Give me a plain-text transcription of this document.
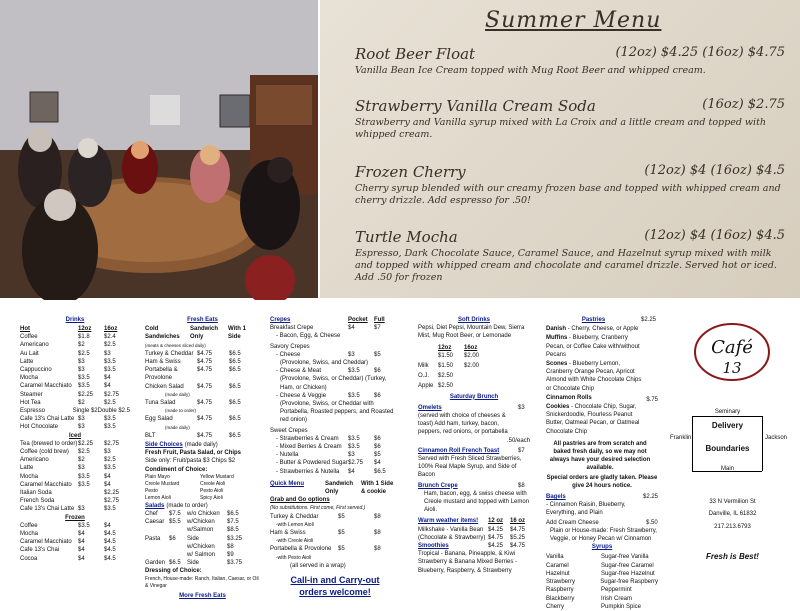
Summer Menu
Root Beer Float	(12oz) $4.25 (16oz) $4.75
Vanilla Bean Ice Cream topped with Mug Root Beer and whipped cream.
Strawberry Vanilla Cream Soda	(16oz) $2.75
Strawberry and Vanilla syrup mixed with La Croix and a little cream and topped with whipped cream.
Frozen Cherry	(12oz) $4 (16oz) $4.5
Cherry syrup blended with our creamy frozen base and topped with whipped cream and cherry drizzle. Add espresso for .50!
Turtle Mocha	(12oz) $4 (16oz) $4.5
Espresso, Dark Chocolate Sauce, Caramel Sauce, and Hazelnut syrup mixed with milk and topped with whipped cream and chocolate and caramel drizzle. Served hot or iced. Add .50 for frozen
Drinks
Hot	12oz	16oz
Coffee	$1.8	$2.4
Americano	$2	$2.5
Au Lait	$2.5	$3
Latte	$3	$3.5
Cappuccino	$3	$3.5
Mocha	$3.5	$4
Caramel Macchiato	$3.5	$4
Steamer	$2.25	$2.75
Hot Tea	$2	$2.5
Espresso	Single $2 Double $2.5
Cafe 13's Chai Latte $3	$3.5
Hot Chocolate	$3	$3.5
Iced
Tea (brewed to order) $2.25	$2.75
Coffee (cold brew)	$2.5	$3
Americano	$2	$2.5
Latte	$3	$3.5
Mocha	$3.5	$4
Caramel Macchiato	$3.5	$4
Italian Soda	$2.25
French Soda	$2.75
Cafe 13's Chai Latte $3	$3.5
Frozen
Coffee	$3.5	$4
Mocha	$4	$4.5
Caramel Macchiato	$4	$4.5
Cafe 13's Chai	$4	$4.5
Cocoa	$4	$4.5
Fresh Eats
Cold Sandwiches
Sandwich Only
With 1 Side
(meats & cheeses sliced daily)
Turkey & Cheddar $4.75	$6.5
Ham & Swiss	$4.75	$6.5
Portabella & Provolone
$4.75	$6.5
Chicken Salad	$4.75	$6.5
(made daily)
Tuna Salad	$4.75	$6.5
(made to order)
Egg Salad	$4.75	$6.5
(made daily)
BLT	$4.75	$6.5
Side Choices (made daily)
Fresh Fruit, Pasta Salad, or Chips
Side only: Fruit/pasta $3 Chips $2
Condiment of Choice:
Plain Mayo	Yellow Mustard
Creole Mustard	Creole Aioli
Pesto	Pesto Aioli
Lemon Aioli	Spicy Aioli
Salads (made to order)
Chef	$7.5	w/o Chicken	$6.5
Caesar $5.5	w/Chicken	$7.5
w/Salmon	$8.5
Pasta	$6	Side	$3.25
w/Chicken	$8
w/ Salmon	$9
Garden $6.5	Side	$3.75
Dressing of Choice:
French, House-made: Ranch, Italian, Caesar, or Oil & Vinegar
More Fresh Eats
Crepes	Pocket	Full
Breakfast Crepe	$4	$7
- Bacon, Egg, & Cheese
Savory Crepes
- Cheese	$3	$5
(Provolone, Swiss, and Cheddar)
- Cheese & Meat	$3.5	$6
(Provolone, Swiss, or Cheddar) (Turkey, Ham, or Chicken)
- Cheese & Veggie	$3.5	$6
(Provolone, Swiss, or Cheddar with Portabella, Roasted peppers, and Roasted red onion)
Sweet Crepes
- Strawberries & Cream	$3.5	$6
- Mixed Berries & Cream	$3.5	$6
- Nutella	$3	$5
- Butter & Powdered Sugar $2.75	$4
- Strawberries & Nutella	$4	$6.5
Quick Menu	Sandwich Only
With 1 Side & cookie
Grab and Go options
(No substitutions. First come, First served.)
Turkey & Cheddar	$5	$8
-with Lemon Aioli
Ham & Swiss	$5	$8
-with Creole Aioli
Portabella & Provolone	$5	$8
-with Pesto Aioli
(all served in a wrap)
Call-in and Carry-out
orders welcome!
Soft Drinks
Pepsi, Diet Pepsi, Mountain Dew, Sierra Mist, Mug Root Beer, or Lemonade
12oz	16oz
$1.50	$2.00
Milk	$1.50	$2.00
O.J.	$2.50
Apple $2.50
Saturday Brunch
Omelets	$3
(served with choice of cheeses & toast) Add ham, turkey, bacon, peppers, red onions, or portabella
.50/each
Cinnamon Roll French Toast	$7
Served with Fresh Sliced Strawberries, 100% Real Maple Syrup, and Side of Bacon
Brunch Crepe	$8
Ham, bacon, egg, & swiss cheese with Creole mustard and topped with Lemon Aioli.
Warm weather items!	12 oz	16 oz
Milkshake - Vanilla Bean $4.25	$4.75
(Chocolate & Strawberry) $4.75	$5.25
Smoothies	$4.25	$4.75
Tropical - Banana, Pineapple, & Kiwi Strawberry & Banana Mixed Berries - Blueberry, Raspberry, & Strawberry
Pastries	$2.25
Danish - Cherry, Cheese, or Apple
Muffins - Blueberry, Cranberry Pecan, or Coffee Cake with/without Pecans
Scones - Blueberry Lemon, Cranberry Orange Pecan, Apricot Almond with White Chocolate Chips or Chocolate Chip
Cinnamon Rolls
Cookies - Chocolate Chip, Sugar, Snickerdoodle, Flourless Peanut Butter, Oatmeal Pecan, or Oatmeal Chocolate Chip
$.75
All pastries are from scratch and baked fresh daily, so we may not always have your desired selection available.
Special orders are gladly taken. Please give 24 hours notice.
Bagels - Cinnamon Raisin, Blueberry, Everything, and Plain
$2.25
Add Cream Cheese	$.50
Plain or House-made: Fresh Strawberry, Veggie, or Honey Pecan w/ Cinnamon
Syrups
Vanilla	Sugar-free Vanilla
Caramel	Sugar-free Caramel
Hazelnut	Sugar-free Hazelnut
Strawberry	Sugar-free Raspberry
Raspberry	Peppermint
Blackberry	Irish Cream
Cherry	Pumpkin Spice
Café
13
Seminary
Delivery
Franklin	Jackson
Boundaries
Main
33 N Vermilion St
Danville, IL 61832
217.213.6793
Fresh is Best!
